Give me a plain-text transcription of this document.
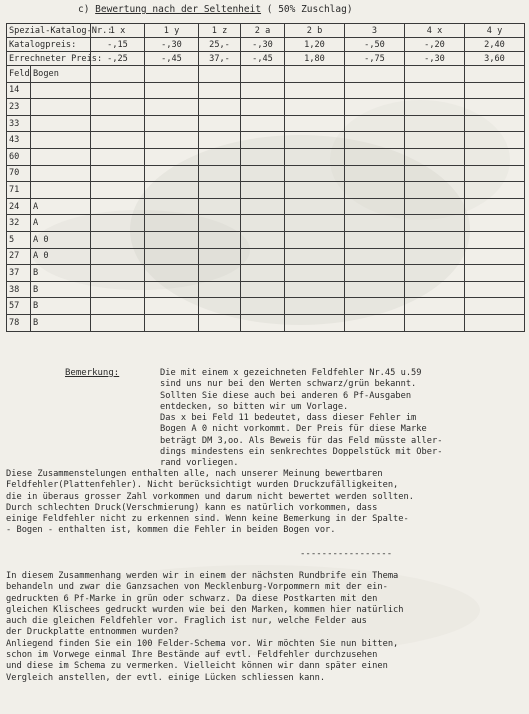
c) Bewertung nach der Seltenheit ( 50% Zuschlag)
Spezial-Katalog-Nr.:		1 x	1 y	1 z	2 a	2 b	3	4 x	4 y
Katalogpreis:		-,15	-,30	25,-	-,30	1,20	-,50	-,20	2,40
Errechneter Preis:		-,25	-,45	37,-	-,45	1,80	-,75	-,30	3,60
Feld	Bogen								
14									
23									
33									
43									
60									
70									
71									
24	A								
32	A								
5	A 0								
27	A 0								
37	B								
38	B								
57	B								
78	B								
Bemerkung:	Die mit einem x gezeichneten Feldfehler Nr.45 u.59
sind uns nur bei den Werten schwarz/grün bekannt.
Sollten Sie diese auch bei anderen 6 Pf-Ausgaben
entdecken, so bitten wir um Vorlage.
Das x bei Feld 11 bedeutet, dass dieser Fehler im
Bogen A 0 nicht vorkommt. Der Preis für diese Marke
beträgt DM 3,oo. Als Beweis für das Feld müsste aller-
dings mindestens ein senkrechtes Doppelstück mit Ober-
rand vorliegen.
Diese Zusammenstelungen enthalten alle, nach unserer Meinung bewertbaren
Feldfehler(Plattenfehler). Nicht berücksichtigt wurden Druckzufälligkeiten,
die in überaus grosser Zahl vorkommen und darum nicht bewertet werden sollten.
Durch schlechten Druck(Verschmierung) kann es natürlich vorkommen, dass
einige Feldfehler nicht zu erkennen sind. Wenn keine Bemerkung in der Spalte-
- Bogen - enthalten ist, kommen die Fehler in beiden Bogen vor.
-----------------
In diesem Zusammenhang werden wir in einem der nächsten Rundbrife ein Thema
behandeln und zwar die Ganzsachen von Mecklenburg-Vorpommern mit der ein-
gedruckten 6 Pf-Marke in grün oder schwarz. Da diese Postkarten mit den
gleichen Klischees gedruckt wurden wie bei den Marken, kommen hier natürlich
auch die gleichen Feldfehler vor. Fraglich ist nur, welche Felder aus
der Druckplatte entnommen wurden?
Anliegend finden Sie ein 100 Felder-Schema vor. Wir möchten Sie nun bitten,
schon im Vorwege einmal Ihre Bestände auf evtl. Feldfehler durchzusehen
und diese im Schema zu vermerken. Vielleicht können wir dann später einen
Vergleich anstellen, der evtl. einige Lücken schliessen kann.
